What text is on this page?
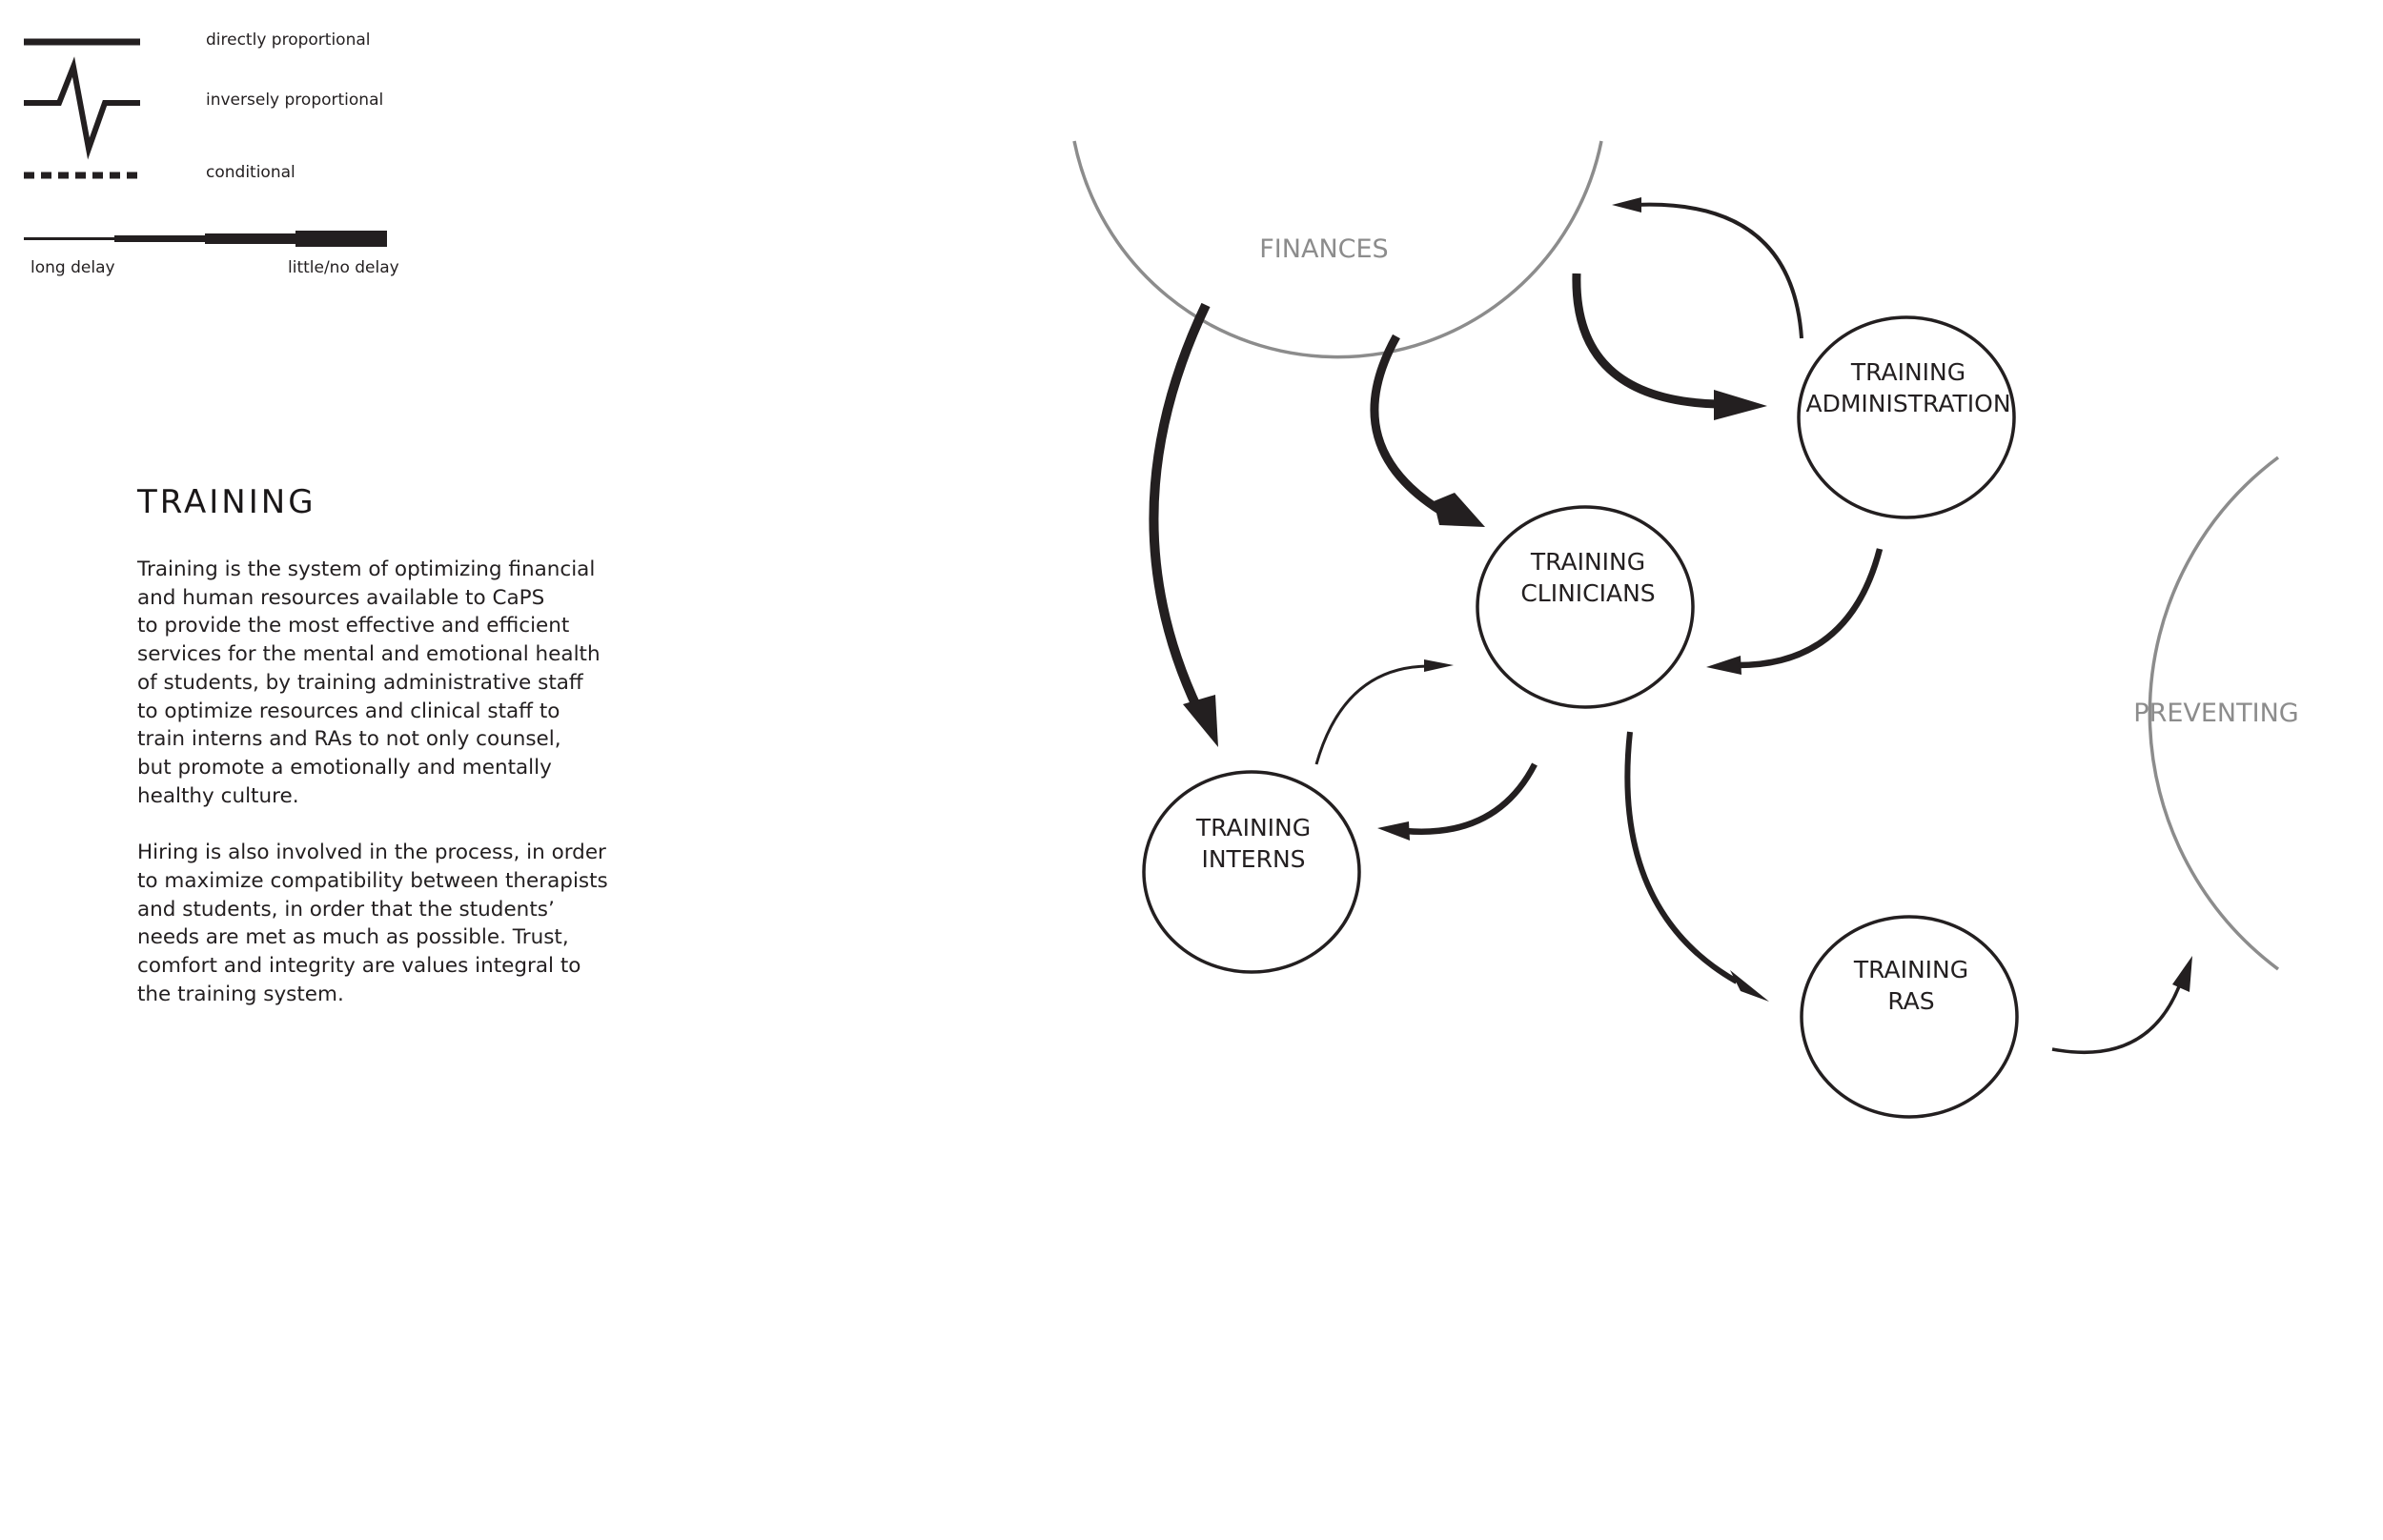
directly proportional
inversely proportional
conditional
long delay	little/no delay
TRAINING

Training is the system of optimizing financial
and human resources available to CaPS
to provide the most effective and efficient
services for the mental and emotional health
of students, by training administrative staff
to optimize resources and clinical staff to
train interns and RAs to not only counsel,
but promote a emotionally and mentally
healthy culture.

Hiring is also involved in the process, in order
to maximize compatibility between therapists
and students, in order that the students’
needs are met as much as possible. Trust,
comfort and integrity are values integral to
the training system.

FINANCES
PREVENTING
TRAINING
ADMINISTRATION
TRAINING
CLINICIANS
TRAINING
INTERNS
TRAINING
RAS
